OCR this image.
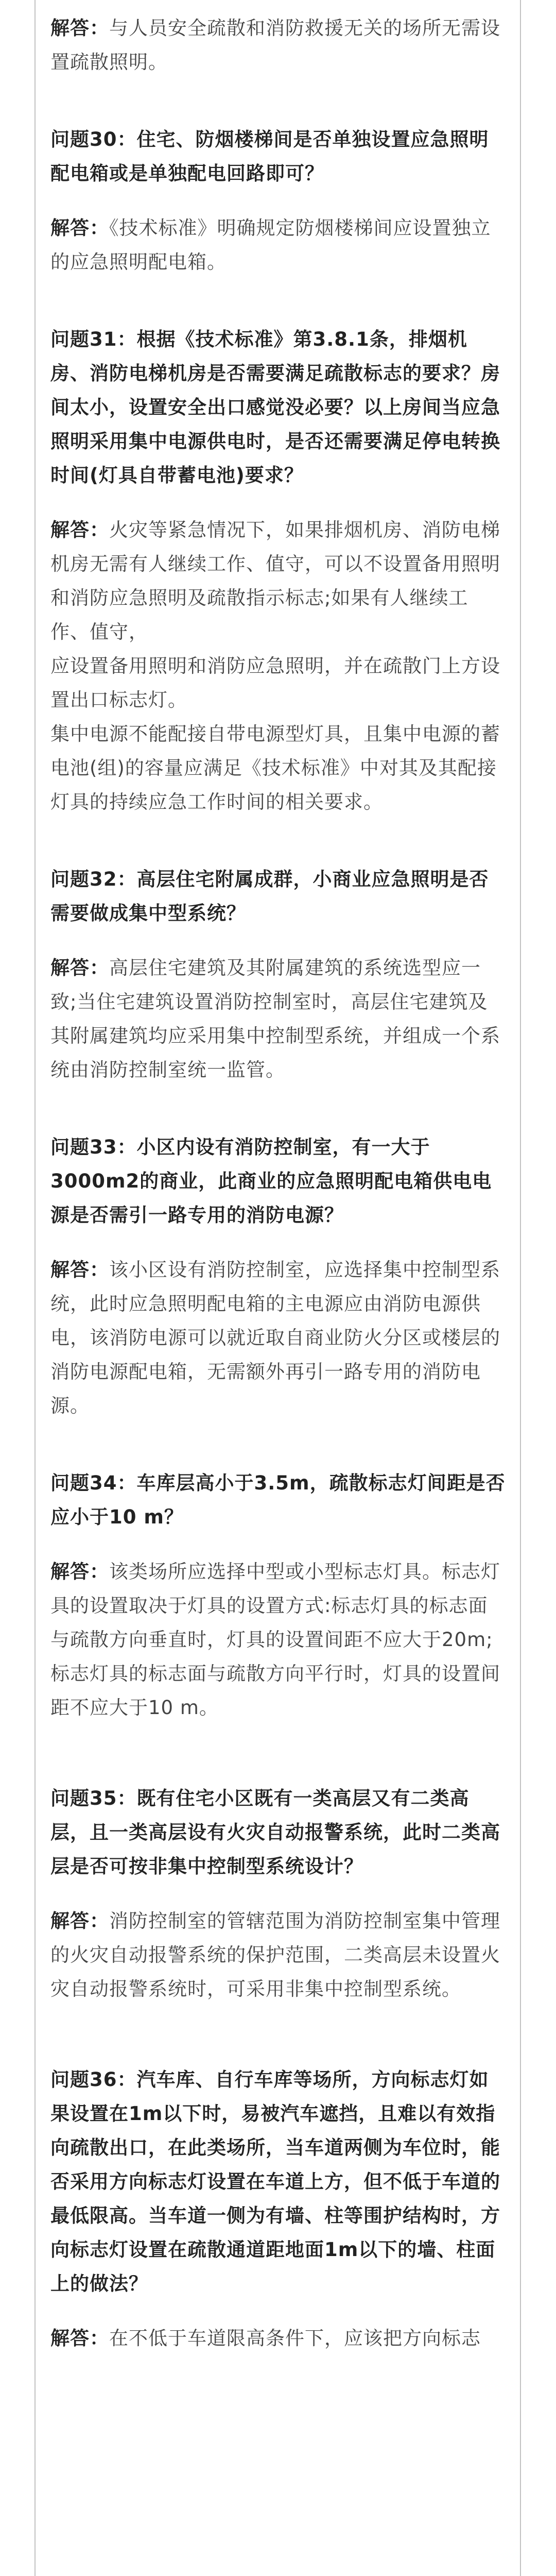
解答：与人员安全疏散和消防救援无关的场所无需设置疏散照明。

问题30：住宅、防烟楼梯间是否单独设置应急照明配电箱或是单独配电回路即可？

解答：《技术标准》明确规定防烟楼梯间应设置独立的应急照明配电箱。

问题31：根据《技术标准》第3.8.1条，排烟机房、消防电梯机房是否需要满足疏散标志的要求？房间太小，设置安全出口感觉没必要？以上房间当应急照明采用集中电源供电时，是否还需要满足停电转换时间(灯具自带蓄电池)要求？

解答：火灾等紧急情况下，如果排烟机房、消防电梯机房无需有人继续工作、值守，可以不设置备用照明和消防应急照明及疏散指示标志;如果有人继续工作、值守，

应设置备用照明和消防应急照明，并在疏散门上方设置出口标志灯。

集中电源不能配接自带电源型灯具，且集中电源的蓄电池(组)的容量应满足《技术标准》中对其及其配接灯具的持续应急工作时间的相关要求。

问题32：高层住宅附属成群，小商业应急照明是否需要做成集中型系统？

解答：高层住宅建筑及其附属建筑的系统选型应一致;当住宅建筑设置消防控制室时，高层住宅建筑及其附属建筑均应采用集中控制型系统，并组成一个系统由消防控制室统一监管。

问题33：小区内设有消防控制室，有一大于3000m2的商业，此商业的应急照明配电箱供电电源是否需引一路专用的消防电源？

解答：该小区设有消防控制室，应选择集中控制型系统，此时应急照明配电箱的主电源应由消防电源供电，该消防电源可以就近取自商业防火分区或楼层的消防电源配电箱，无需额外再引一路专用的消防电源。

问题34：车库层高小于3.5m，疏散标志灯间距是否应小于10 m？

解答：该类场所应选择中型或小型标志灯具。标志灯具的设置取决于灯具的设置方式:标志灯具的标志面与疏散方向垂直时，灯具的设置间距不应大于20m;标志灯具的标志面与疏散方向平行时，灯具的设置间距不应大于10 m。

问题35：既有住宅小区既有一类高层又有二类高层，且一类高层设有火灾自动报警系统，此时二类高层是否可按非集中控制型系统设计？

解答：消防控制室的管辖范围为消防控制室集中管理的火灾自动报警系统的保护范围，二类高层未设置火灾自动报警系统时，可采用非集中控制型系统。

问题36：汽车库、自行车库等场所，方向标志灯如果设置在1m以下时，易被汽车遮挡，且难以有效指向疏散出口，在此类场所，当车道两侧为车位时，能否采用方向标志灯设置在车道上方，但不低于车道的最低限高。当车道一侧为有墙、柱等围护结构时，方向标志灯设置在疏散通道距地面1m以下的墙、柱面上的做法？

解答：在不低于车道限高条件下，应该把方向标志
